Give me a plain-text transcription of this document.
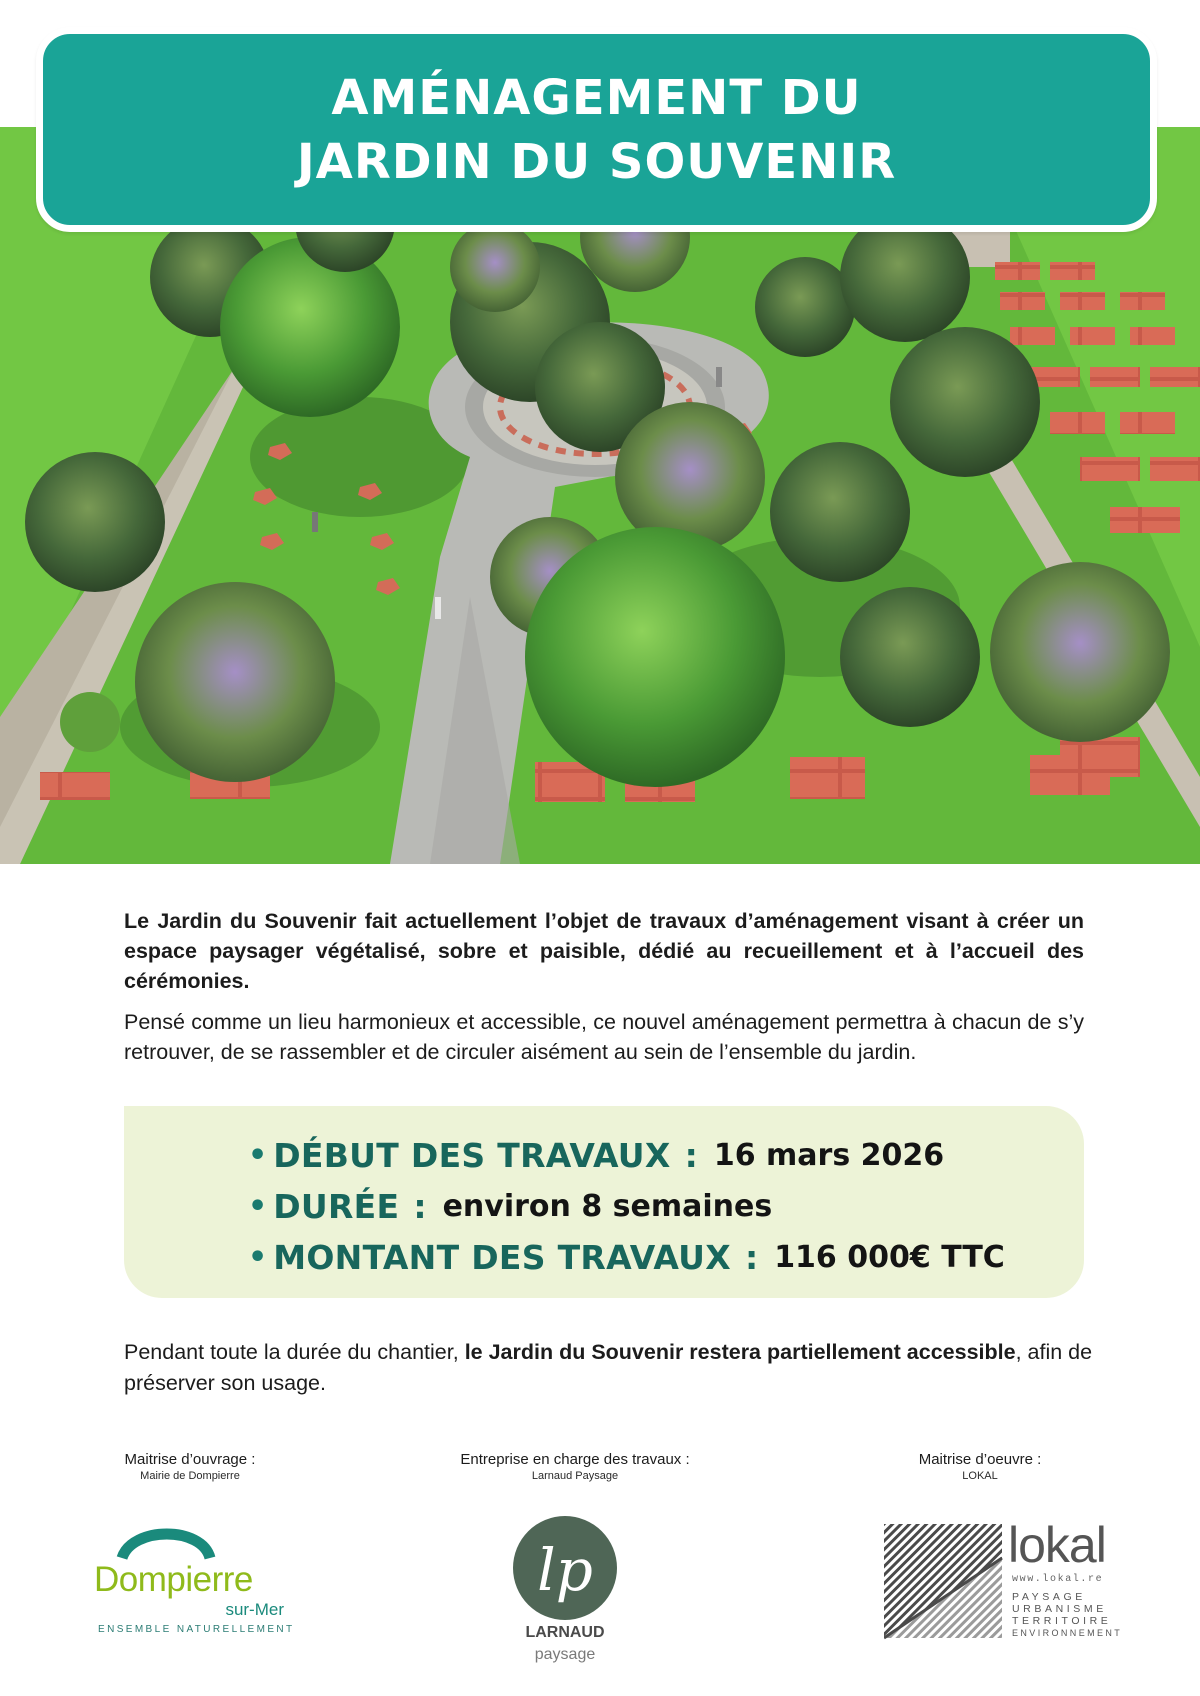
AMÉNAGEMENT DU
JARDIN DU SOUVENIR

Le Jardin du Souvenir fait actuellement l’objet de travaux d’aménagement visant à créer un espace paysager végétalisé, sobre et paisible, dédié au recueillement et à l’accueil des cérémonies.

Pensé comme un lieu harmonieux et accessible, ce nouvel aménagement permettra à chacun de s’y retrouver, de se rassembler et de circuler aisément au sein de l’ensemble du jardin.

• DÉBUT DES TRAVAUX : 16 mars 2026
• DURÉE : environ 8 semaines
• MONTANT DES TRAVAUX : 116 000€ TTC
Pendant toute la durée du chantier, le Jardin du Souvenir restera partiellement accessible, afin de préserver son usage.
Maitrise d’ouvrage :
Mairie de Dompierre
Entreprise en charge des travaux :
Larnaud Paysage
Maitrise d’oeuvre :
LOKAL
Dompierre
sur-Mer
ENSEMBLE NATURELLEMENT
lp
LARNAUD
paysage
lokal
www.lokal.re
PAYSAGE
URBANISME
TERRITOIRE
ENVIRONNEMENT
